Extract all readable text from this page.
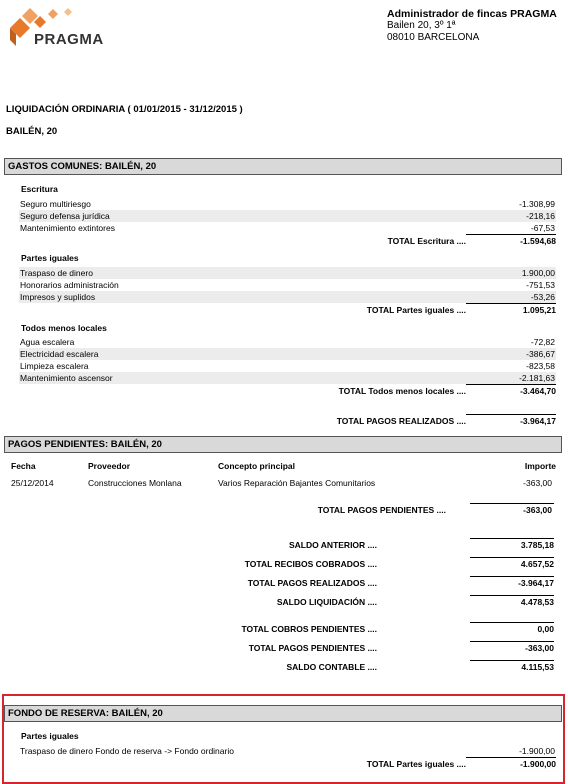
PRAGMA
Administrador de fincas PRAGMA
Bailen 20, 3º 1ª
08010 BARCELONA
LIQUIDACIÓN ORDINARIA ( 01/01/2015 - 31/12/2015 )
BAILÉN, 20
GASTOS COMUNES: BAILÉN, 20
Escritura
Seguro multiriesgo	-1.308,99
Seguro defensa jurídica	-218,16
Mantenimiento extintores	-67,53
TOTAL Escritura ....	-1.594,68
Partes iguales
Traspaso de dinero	1.900,00
Honorarios administración	-751,53
Impresos y suplidos	-53,26
TOTAL Partes iguales ....	1.095,21
Todos menos locales
Agua escalera	-72,82
Electricidad escalera	-386,67
Limpieza escalera	-823,58
Mantenimiento ascensor	-2.181,63
TOTAL Todos menos locales ....	-3.464,70
TOTAL PAGOS REALIZADOS ....	-3.964,17
PAGOS PENDIENTES: BAILÉN, 20
Fecha	Proveedor	Concepto principal	Importe
25/12/2014	Construcciones Monlana	Varios Reparación Bajantes Comunitarios	-363,00
TOTAL PAGOS PENDIENTES ....	-363,00
SALDO ANTERIOR ....	3.785,18
TOTAL RECIBOS COBRADOS ....	4.657,52
TOTAL PAGOS REALIZADOS ....	-3.964,17
SALDO LIQUIDACIÓN ....	4.478,53
TOTAL COBROS PENDIENTES ....	0,00
TOTAL PAGOS PENDIENTES ....	-363,00
SALDO CONTABLE ....	4.115,53
FONDO DE RESERVA: BAILÉN, 20
Partes iguales
Traspaso de dinero Fondo de reserva -> Fondo ordinario	-1.900,00
TOTAL Partes iguales ....	-1.900,00
